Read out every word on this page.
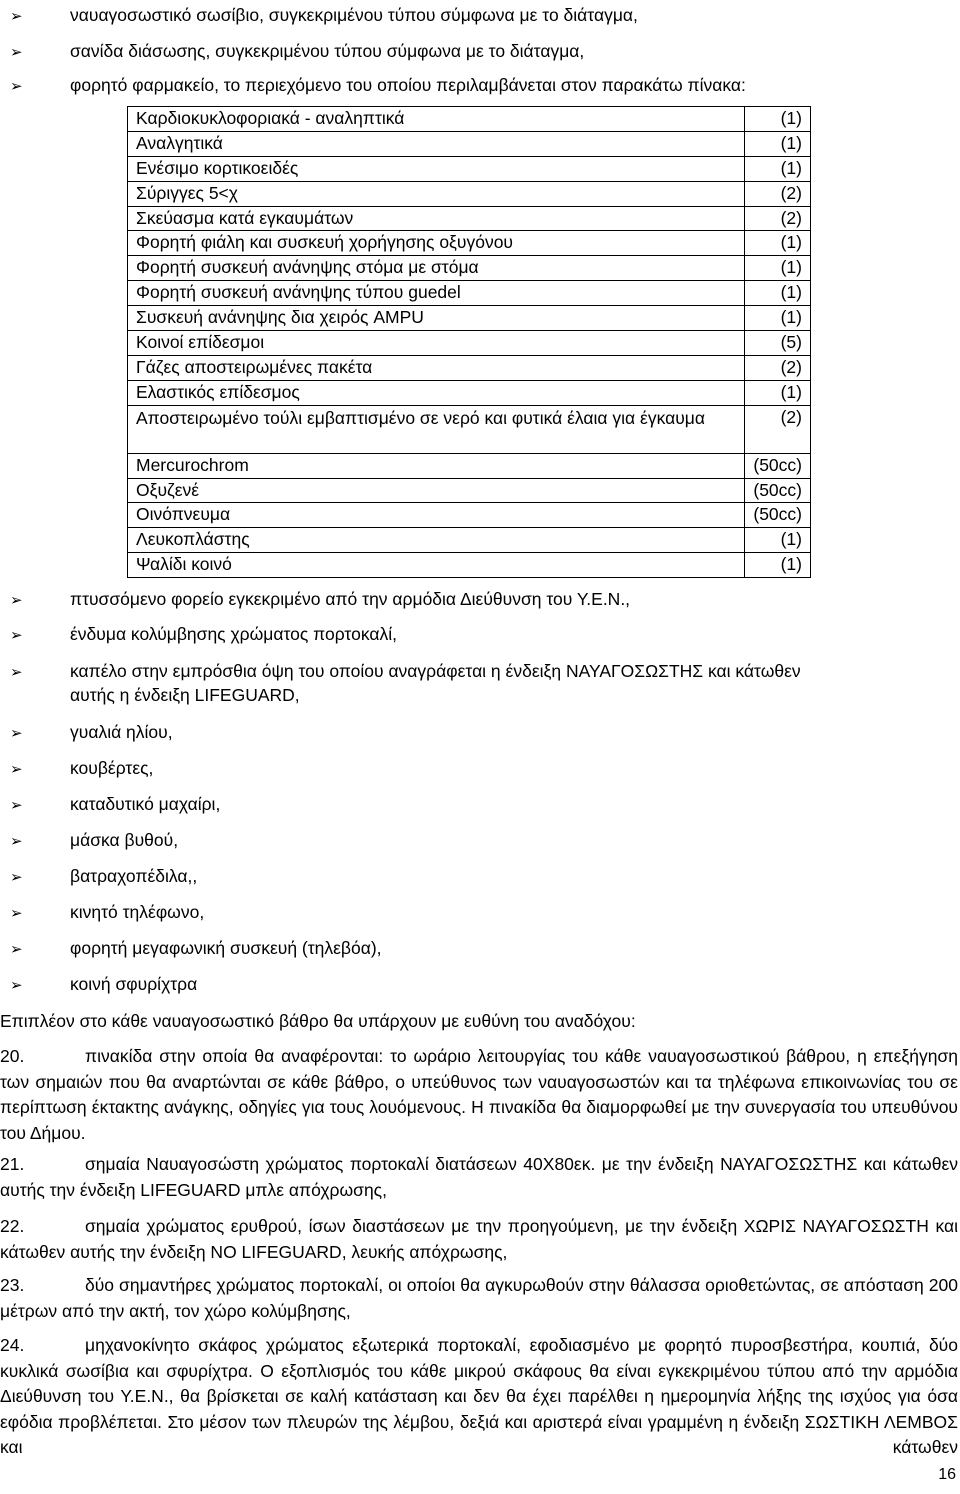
➢	ναυαγοσωστικό σωσίβιο, συγκεκριμένου τύπου σύμφωνα με το διάταγμα,
➢	σανίδα διάσωσης, συγκεκριμένου τύπου σύμφωνα με το διάταγμα,
➢	φορητό φαρμακείο, το περιεχόμενο του οποίου περιλαμβάνεται στον παρακάτω πίνακα:
Καρδιοκυκλοφοριακά - αναληπτικά	(1)
Αναλγητικά	(1)
Ενέσιμο κορτικοειδές	(1)
Σύριγγες 5<χ	(2)
Σκεύασμα κατά εγκαυμάτων	(2)
Φορητή φιάλη και συσκευή χορήγησης οξυγόνου	(1)
Φορητή συσκευή ανάνηψης στόμα με στόμα	(1)
Φορητή συσκευή ανάνηψης τύπου guedel	(1)
Συσκευή ανάνηψης δια χειρός AMPU	(1)
Κοινοί επίδεσμοι	(5)
Γάζες αποστειρωμένες πακέτα	(2)
Ελαστικός επίδεσμος	(1)
Αποστειρωμένο τούλι εμβαπτισμένο σε νερό και φυτικά έλαια για έγκαυμα	(2)
Mercurochrom	(50cc)
Οξυζενέ	(50cc)
Οινόπνευμα	(50cc)
Λευκοπλάστης	(1)
Ψαλίδι κοινό	(1)
➢	πτυσσόμενο φορείο εγκεκριμένο από την αρμόδια Διεύθυνση του Υ.Ε.Ν.,
➢	ένδυμα κολύμβησης χρώματος πορτοκαλί,
➢	καπέλο στην εμπρόσθια όψη του οποίου αναγράφεται η ένδειξη ΝΑΥΑΓΟΣΩΣΤΗΣ και κάτωθεν
αυτής η ένδειξη LIFEGUARD,
➢	γυαλιά ηλίου,
➢	κουβέρτες,
➢	καταδυτικό μαχαίρι,
➢	μάσκα βυθού,
➢	βατραχοπέδιλα,,
➢	κινητό τηλέφωνο,
➢	φορητή μεγαφωνική συσκευή (τηλεβόα),
➢	κοινή σφυρίχτρα
Επιπλέον στο κάθε ναυαγοσωστικό βάθρο θα υπάρχουν με ευθύνη του αναδόχου:
20.	πινακίδα στην οποία θα αναφέρονται: το ωράριο λειτουργίας του κάθε ναυαγοσωστικού βάθρου, η επεξήγηση των σημαιών που θα αναρτώνται σε κάθε βάθρο, ο υπεύθυνος των ναυαγοσωστών και τα τηλέφωνα επικοινωνίας του σε περίπτωση έκτακτης ανάγκης, οδηγίες για τους λουόμενους. Η πινακίδα θα διαμορφωθεί με την συνεργασία του υπευθύνου του Δήμου.
21.	σημαία Ναυαγοσώστη χρώματος πορτοκαλί διατάσεων 40Χ80εκ. με την ένδειξη ΝΑΥΑΓΟΣΩΣΤΗΣ και κάτωθεν αυτής την ένδειξη LIFEGUARD μπλε απόχρωσης,
22.	σημαία χρώματος ερυθρού, ίσων διαστάσεων με την προηγούμενη, με την ένδειξη ΧΩΡΙΣ ΝΑΥΑΓΟΣΩΣΤΗ και κάτωθεν αυτής την ένδειξη NO LIFEGUARD, λευκής απόχρωσης,
23.	δύο σημαντήρες χρώματος πορτοκαλί, οι οποίοι θα αγκυρωθούν στην θάλασσα οριοθετώντας, σε απόσταση 200 μέτρων από την ακτή, τον χώρο κολύμβησης,
24.	μηχανοκίνητο σκάφος χρώματος εξωτερικά πορτοκαλί, εφοδιασμένο με φορητό πυροσβεστήρα, κουπιά, δύο κυκλικά σωσίβια και σφυρίχτρα. Ο εξοπλισμός του κάθε μικρού σκάφους θα είναι εγκεκριμένου τύπου από την αρμόδια Διεύθυνση του Υ.Ε.Ν., θα βρίσκεται σε καλή κατάσταση και δεν θα έχει παρέλθει η ημερομηνία λήξης της ισχύος για όσα εφόδια προβλέπεται. Στο μέσον των πλευρών της λέμβου, δεξιά και αριστερά είναι γραμμένη η ένδειξη ΣΩΣΤΙΚΗ ΛΕΜΒΟΣ και κάτωθεν
16
